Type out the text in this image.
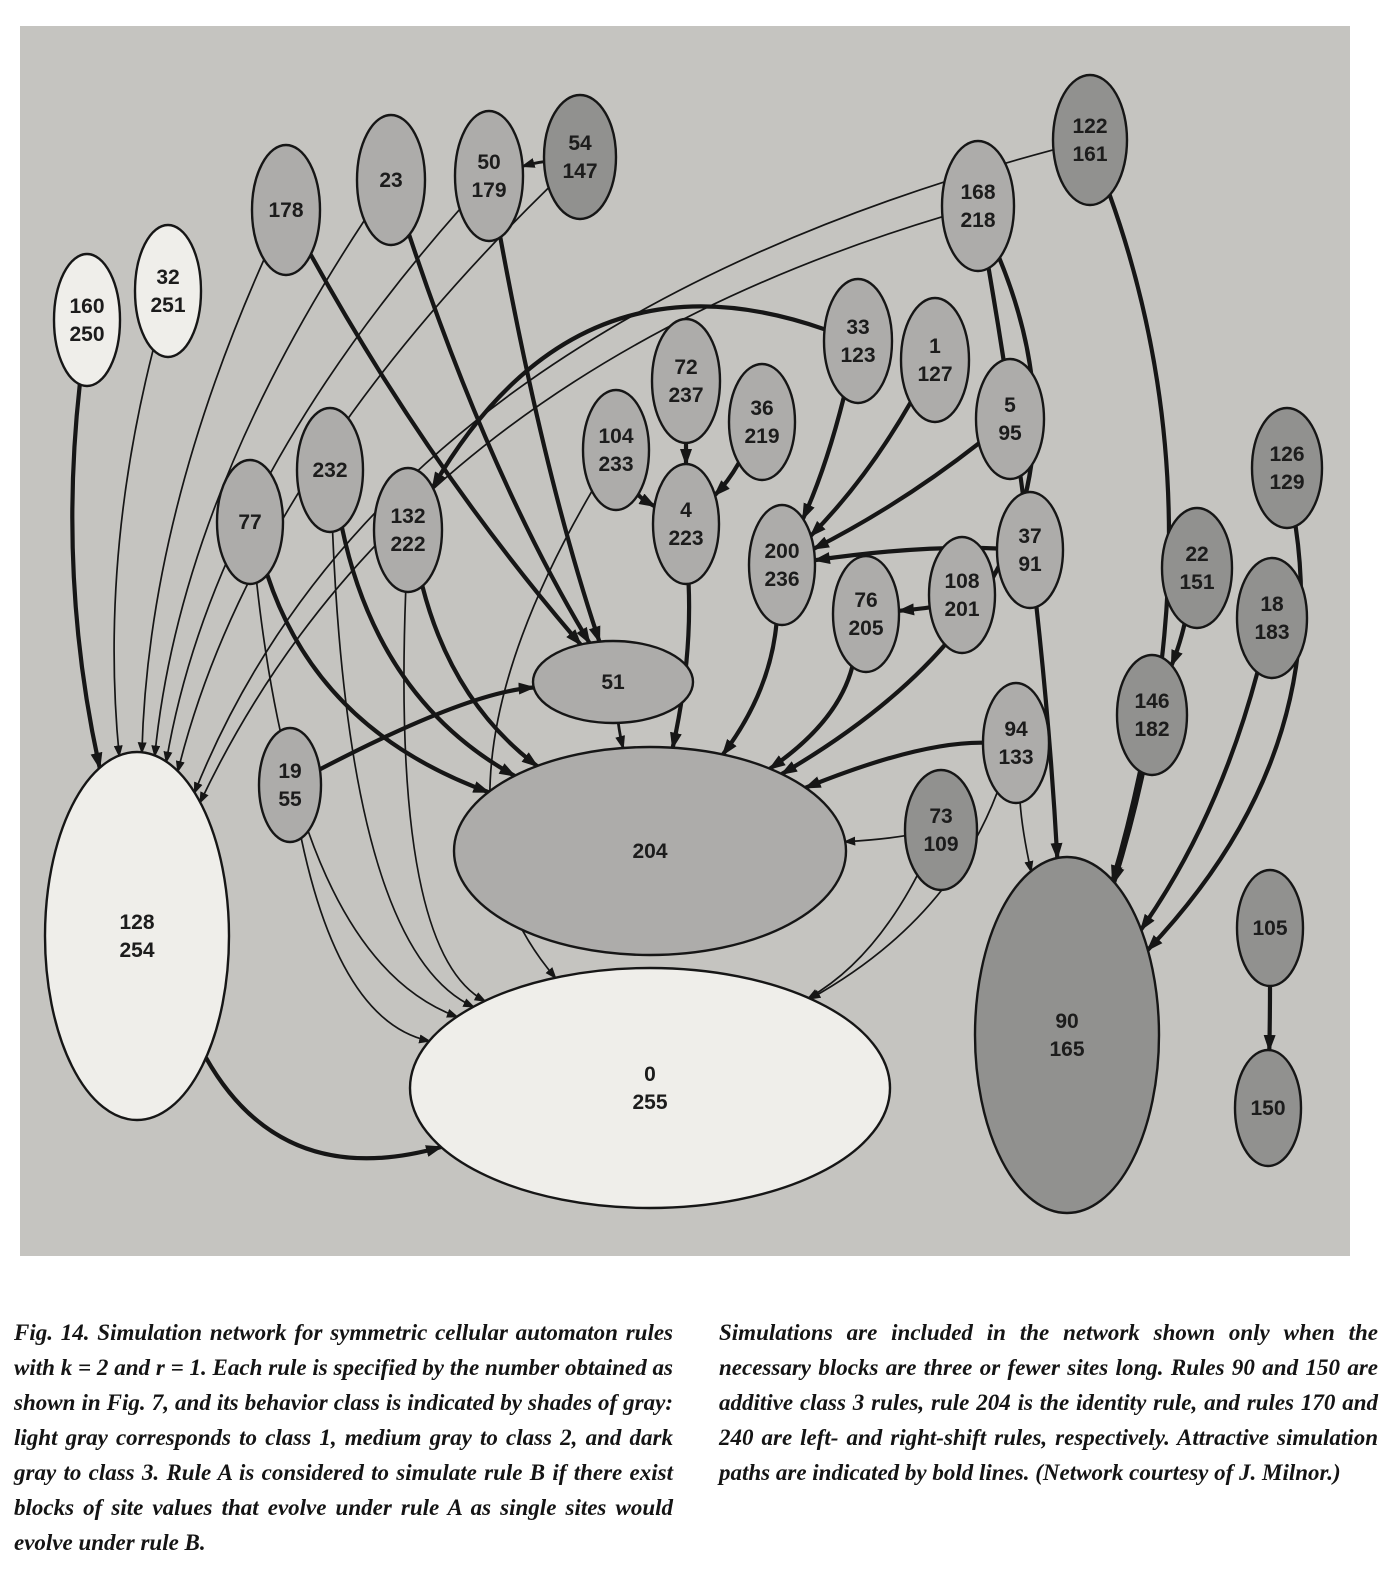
160 250
32 251
178
23
50 179
54 147
122 161
168 218
33 123	1 127
5 95
72 237
36 219
104 233
4 223
200 236
76 205
108 201
37 91
232
77	132 222
126 129
22 151
18 183
146 182
94 133
51
19 55
73 109
204
128 254
0 255
90 165
105
150

Fig. 14. Simulation network for symmetric cellular automaton rules with k = 2 and r = 1. Each rule is specified by the number obtained as shown in Fig. 7, and its behavior class is indicated by shades of gray: light gray corresponds to class 1, medium gray to class 2, and dark gray to class 3. Rule A is considered to simulate rule B if there exist blocks of site values that evolve under rule A as single sites would evolve under rule B.

Simulations are included in the network shown only when the necessary blocks are three or fewer sites long. Rules 90 and 150 are additive class 3 rules, rule 204 is the identity rule, and rules 170 and 240 are left- and right-shift rules, respectively. Attractive simulation paths are indicated by bold lines. (Network courtesy of J. Milnor.)
